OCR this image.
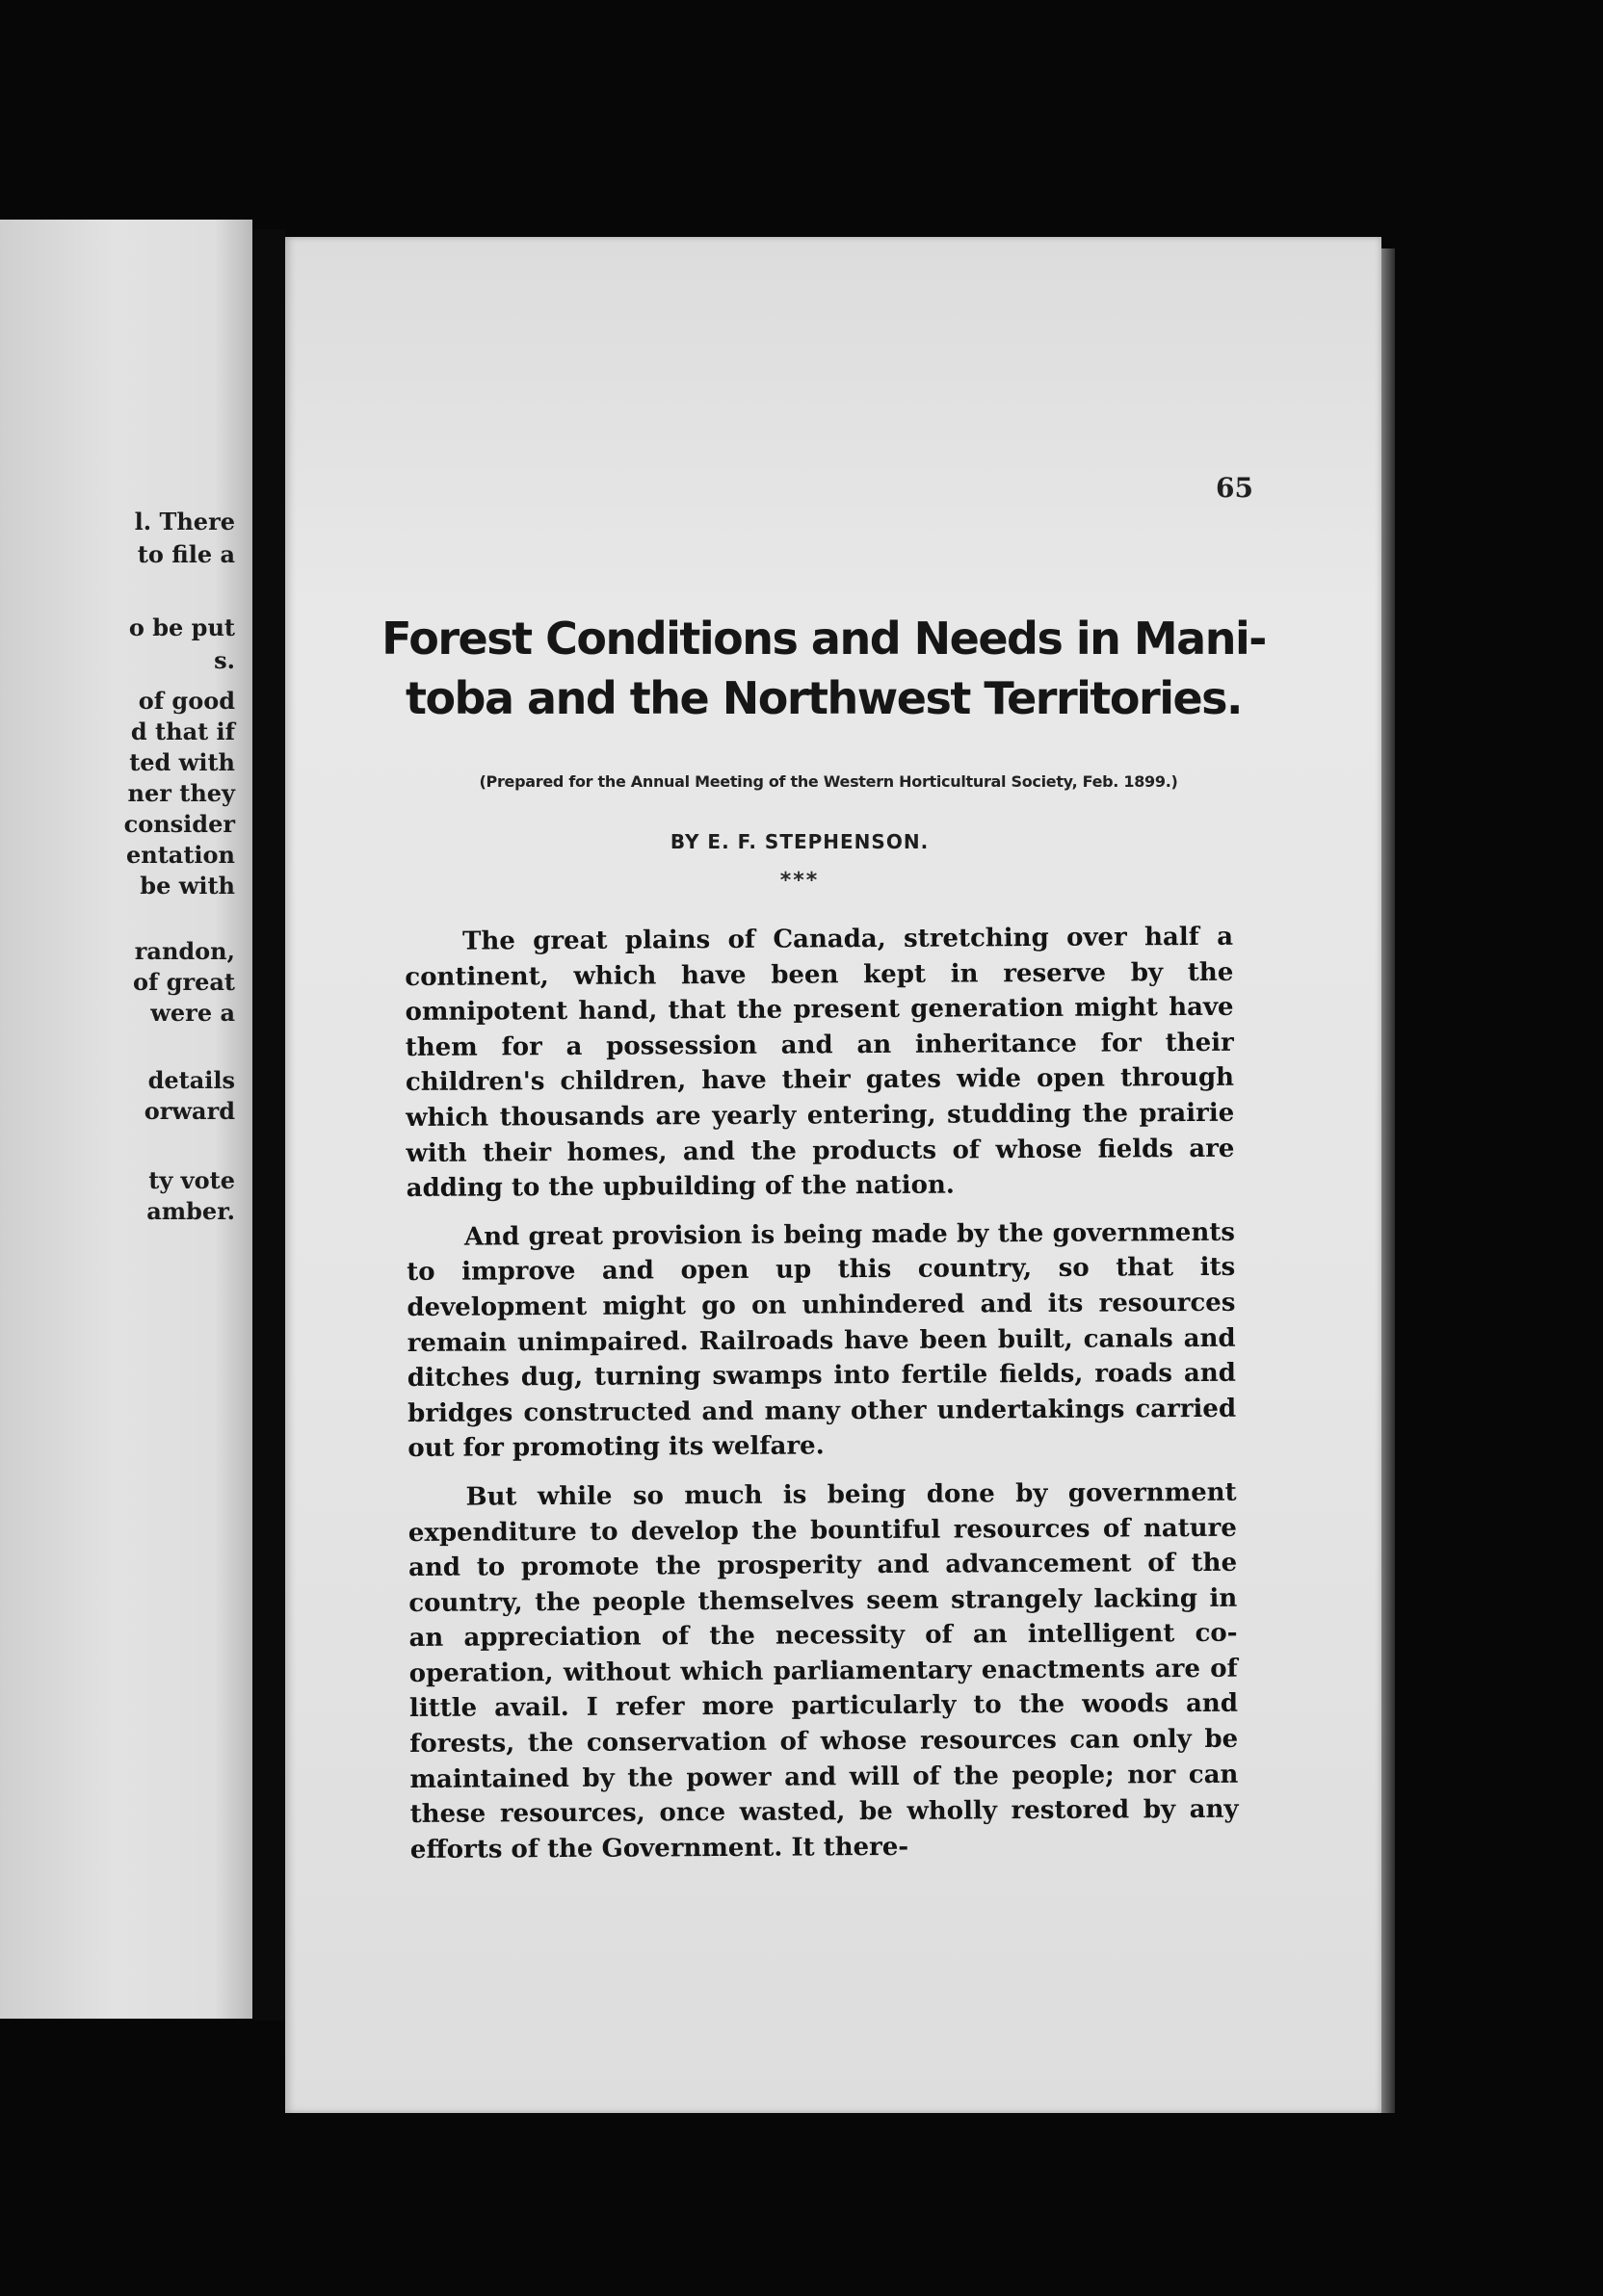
l. There
to file a
o be put
s.
of good
d that if
ted with
ner they
consider
entation
be with
randon,
of great
were a
details
orward
ty vote
amber.
65
Forest Conditions and Needs in Mani-
toba and the Northwest Territories.
(Prepared for the Annual Meeting of the Western Horticultural Society, Feb. 1899.)
BY E. F. STEPHENSON.
***

The great plains of Canada, stretching over half a continent, which have been kept in reserve by the omnipotent hand, that the present generation might have them for a possession and an inheritance for their children's children, have their gates wide open through which thousands are yearly entering, studding the prairie with their homes, and the products of whose fields are adding to the upbuilding of the nation.

And great provision is being made by the governments to improve and open up this country, so that its development might go on unhindered and its resources remain unimpaired. Railroads have been built, canals and ditches dug, turning swamps into fertile fields, roads and bridges constructed and many other undertakings carried out for promoting its welfare.

But while so much is being done by government expenditure to develop the bountiful resources of nature and to promote the prosperity and advancement of the country, the people themselves seem strangely lacking in an appreciation of the necessity of an intelligent co-operation, without which parliamentary enactments are of little avail. I refer more particularly to the woods and forests, the conservation of whose resources can only be maintained by the power and will of the people; nor can these resources, once wasted, be wholly restored by any efforts of the Government. It there-
